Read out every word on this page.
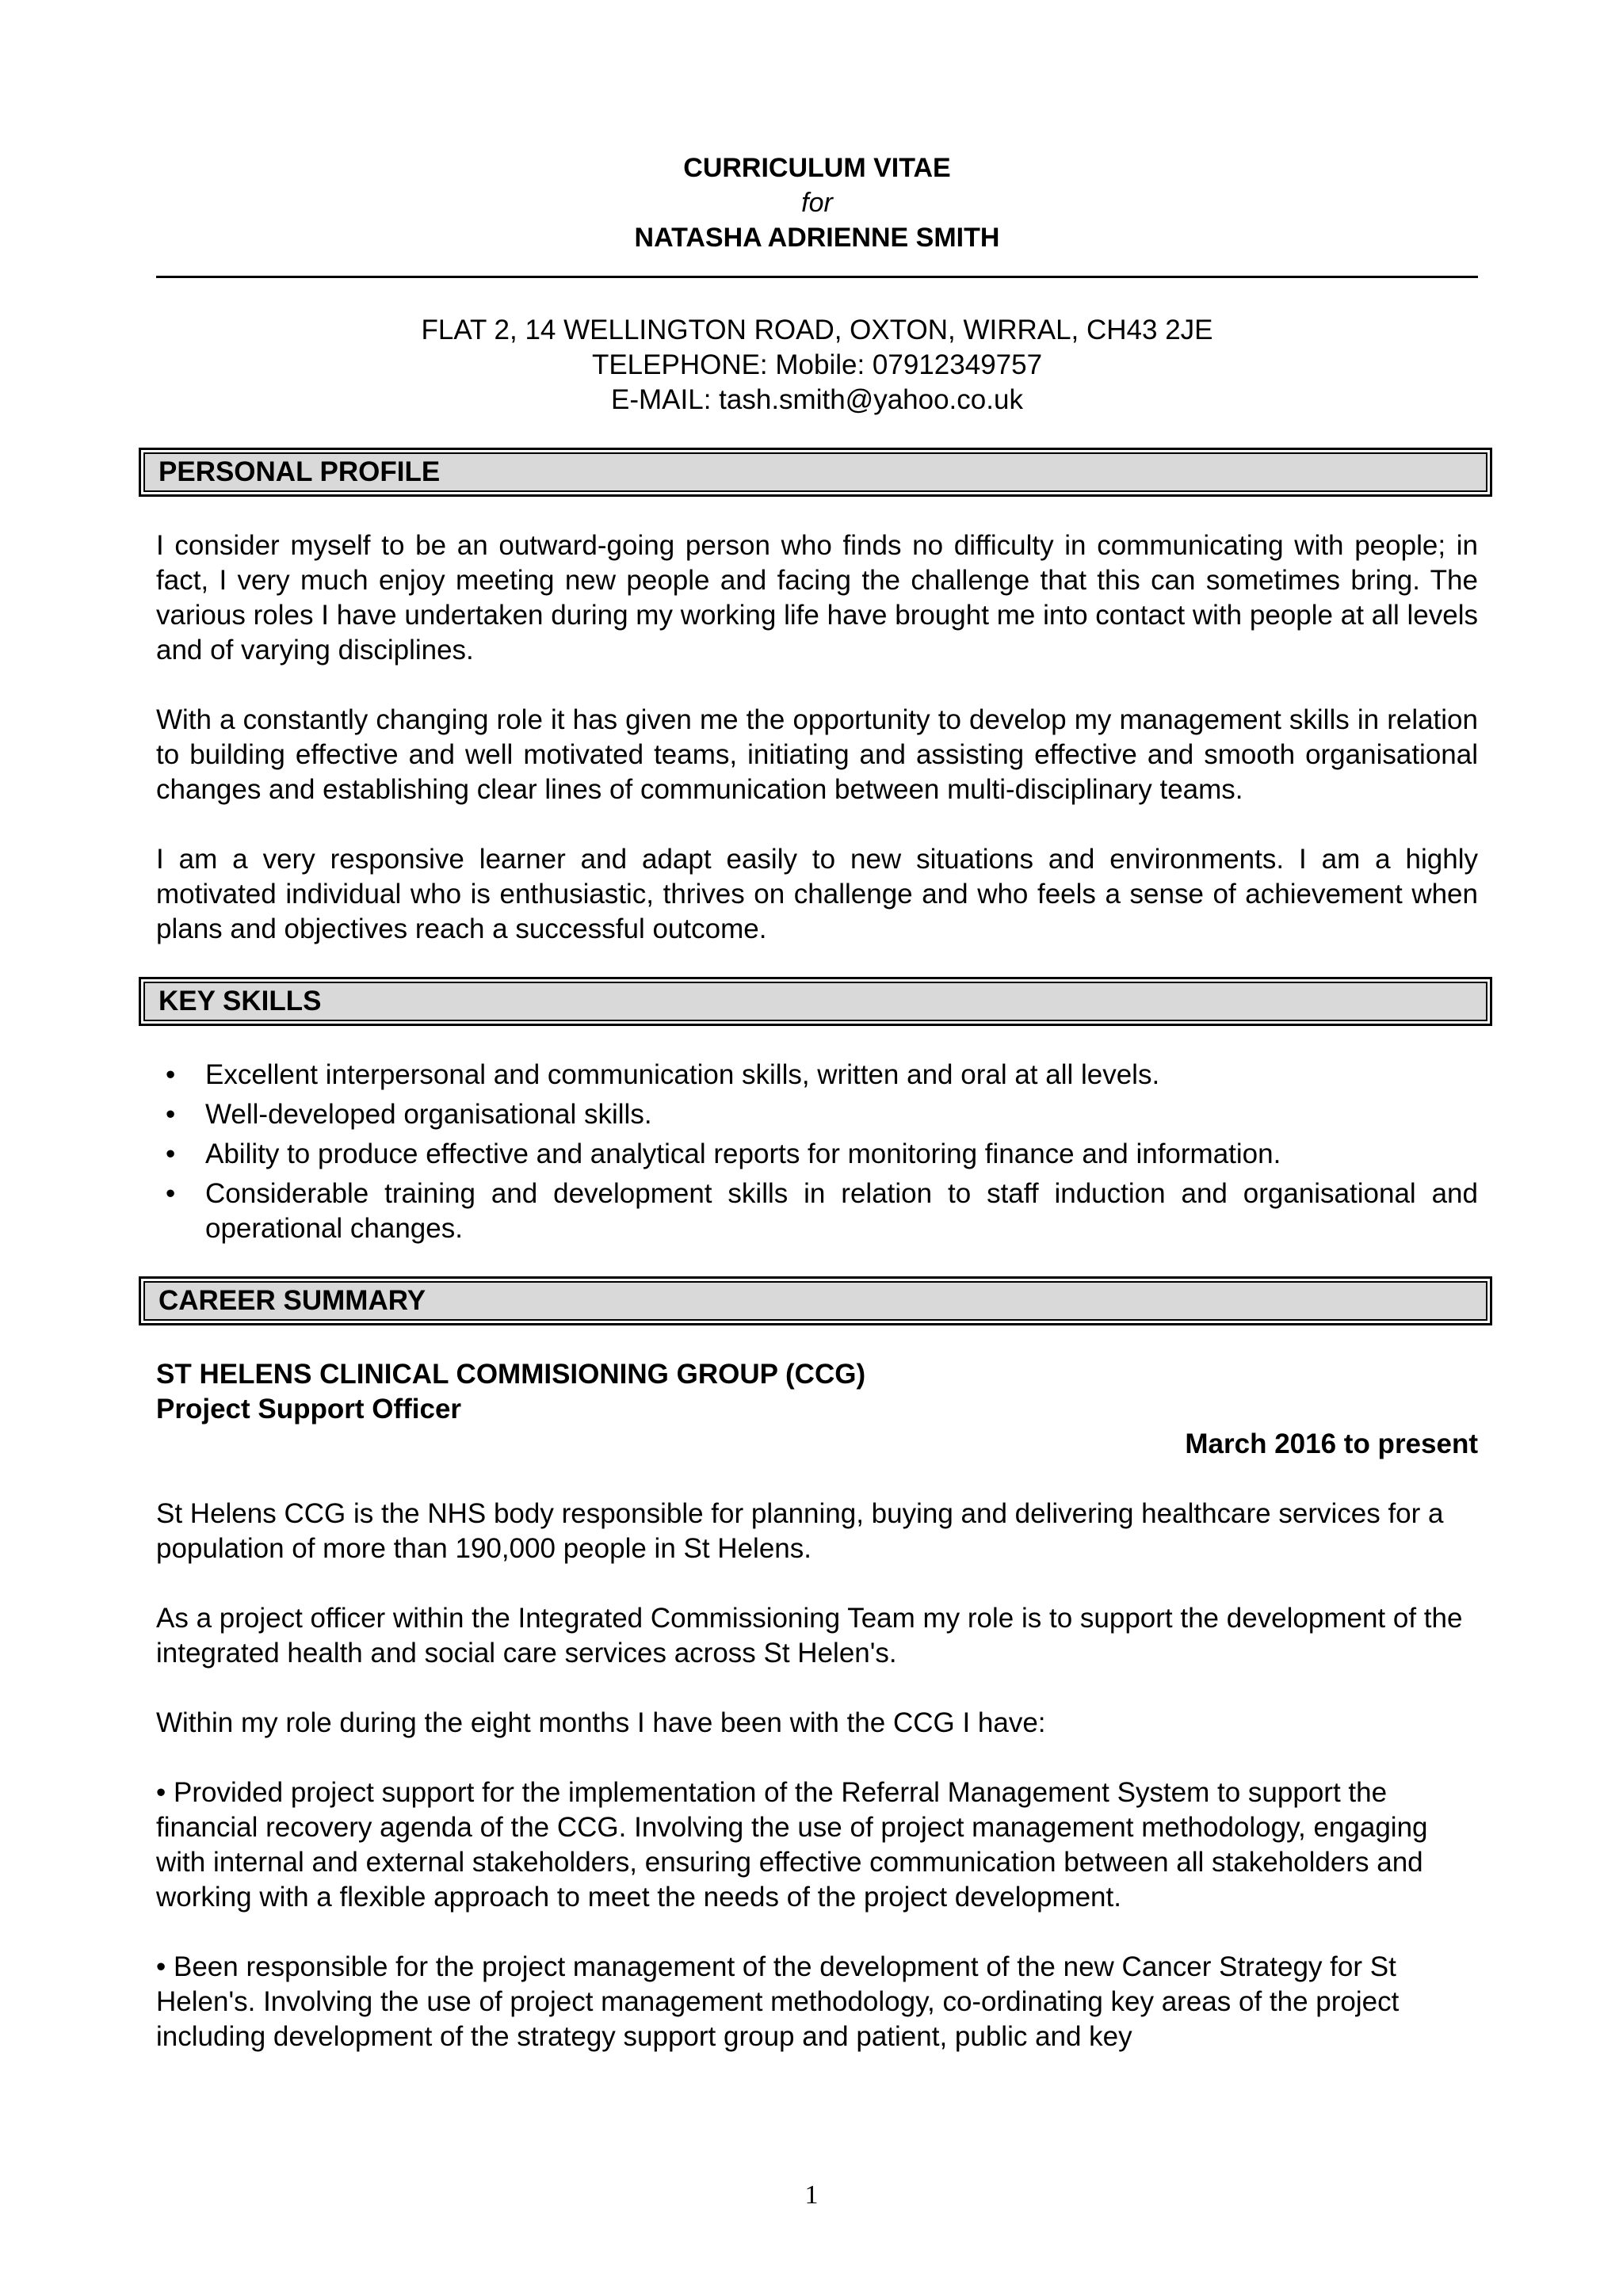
CURRICULUM VITAE
for
NATASHA ADRIENNE SMITH
FLAT 2, 14 WELLINGTON ROAD, OXTON, WIRRAL, CH43 2JE
TELEPHONE: Mobile: 07912349757
E-MAIL: tash.smith@yahoo.co.uk
PERSONAL PROFILE
I consider myself to be an outward-going person who finds no difficulty in communicating with people; in fact, I very much enjoy meeting new people and facing the challenge that this can sometimes bring. The various roles I have undertaken during my working life have brought me into contact with people at all levels and of varying disciplines.
With a constantly changing role it has given me the opportunity to develop my management skills in relation to building effective and well motivated teams, initiating and assisting effective and smooth organisational changes and establishing clear lines of communication between multi-disciplinary teams.
I am a very responsive learner and adapt easily to new situations and environments. I am a highly motivated individual who is enthusiastic, thrives on challenge and who feels a sense of achievement when plans and objectives reach a successful outcome.
KEY SKILLS
• Excellent interpersonal and communication skills, written and oral at all levels.
• Well-developed organisational skills.
• Ability to produce effective and analytical reports for monitoring finance and information.
• Considerable training and development skills in relation to staff induction and organisational and operational changes.
CAREER SUMMARY
ST HELENS CLINICAL COMMISIONING GROUP (CCG)
Project Support Officer
March 2016 to present
St Helens CCG is the NHS body responsible for planning, buying and delivering healthcare services for a population of more than 190,000 people in St Helens.
As a project officer within the Integrated Commissioning Team my role is to support the development of the integrated health and social care services across St Helen's.
Within my role during the eight months I have been with the CCG I have:
• Provided project support for the implementation of the Referral Management System to support the financial recovery agenda of the CCG. Involving the use of project management methodology, engaging with internal and external stakeholders, ensuring effective communication between all stakeholders and working with a flexible approach to meet the needs of the project development.
• Been responsible for the project management of the development of the new Cancer Strategy for St Helen's. Involving the use of project management methodology, co-ordinating key areas of the project including development of the strategy support group and patient, public and key
1
